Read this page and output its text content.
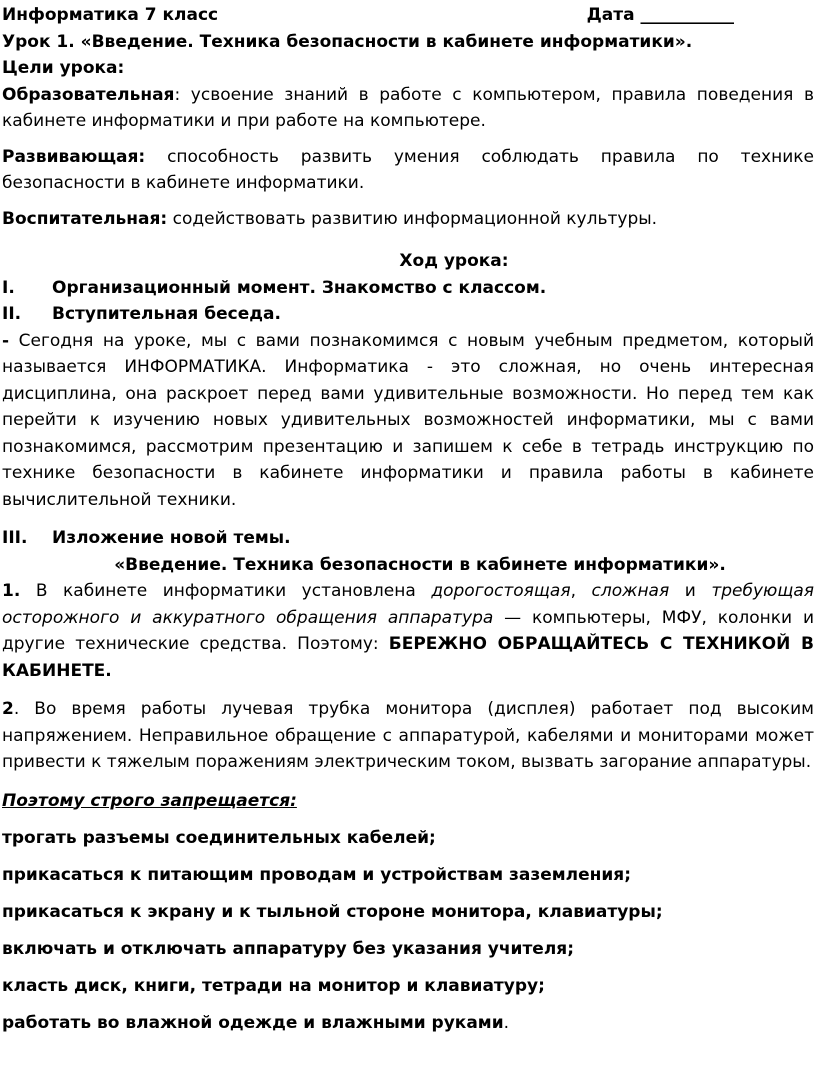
Информатика 7 класс	Дата ___________

Урок 1. «Введение. Техника безопасности в кабинете информатики».

Цели урока:

Образовательная: усвоение знаний в работе с компьютером, правила поведения в кабинете информатики и при работе на компьютере.

Развивающая: способность развить умения соблюдать правила по технике безопасности в кабинете информатики.

Воспитательная: содействовать развитию информационной культуры.

Ход урока:

I.	Организационный момент. Знакомство с классом.
II.	Вступительная беседа.

- Сегодня на уроке, мы с вами познакомимся с новым учебным предметом, который называется ИНФОРМАТИКА. Информатика - это сложная, но очень интересная дисциплина, она раскроет перед вами удивительные возможности. Но перед тем как перейти к изучению новых удивительных возможностей информатики, мы с вами познакомимся, рассмотрим презентацию и запишем к себе в тетрадь инструкцию по технике безопасности в кабинете информатики и правила работы в кабинете вычислительной техники.

III.	Изложение новой темы.

«Введение. Техника безопасности в кабинете информатики».

1. В кабинете информатики установлена дорогостоящая, сложная и требующая осторожного и аккуратного обращения аппаратура — компьютеры, МФУ, колонки и другие технические средства. Поэтому: БЕРЕЖНО ОБРАЩАЙТЕСЬ С ТЕХНИКОЙ В КАБИНЕТЕ.

2. Во время работы лучевая трубка монитора (дисплея) работает под высоким напряжением. Неправильное обращение с аппаратурой, кабелями и мониторами может привести к тяжелым поражениям электрическим током, вызвать загорание аппаратуры.

Поэтому строго запрещается:

трогать разъемы соединительных кабелей;

прикасаться к питающим проводам и устройствам заземления;

прикасаться к экрану и к тыльной стороне монитора, клавиатуры;

включать и отключать аппаратуру без указания учителя;

класть диск, книги, тетради на монитор и клавиатуру;

работать во влажной одежде и влажными руками.
